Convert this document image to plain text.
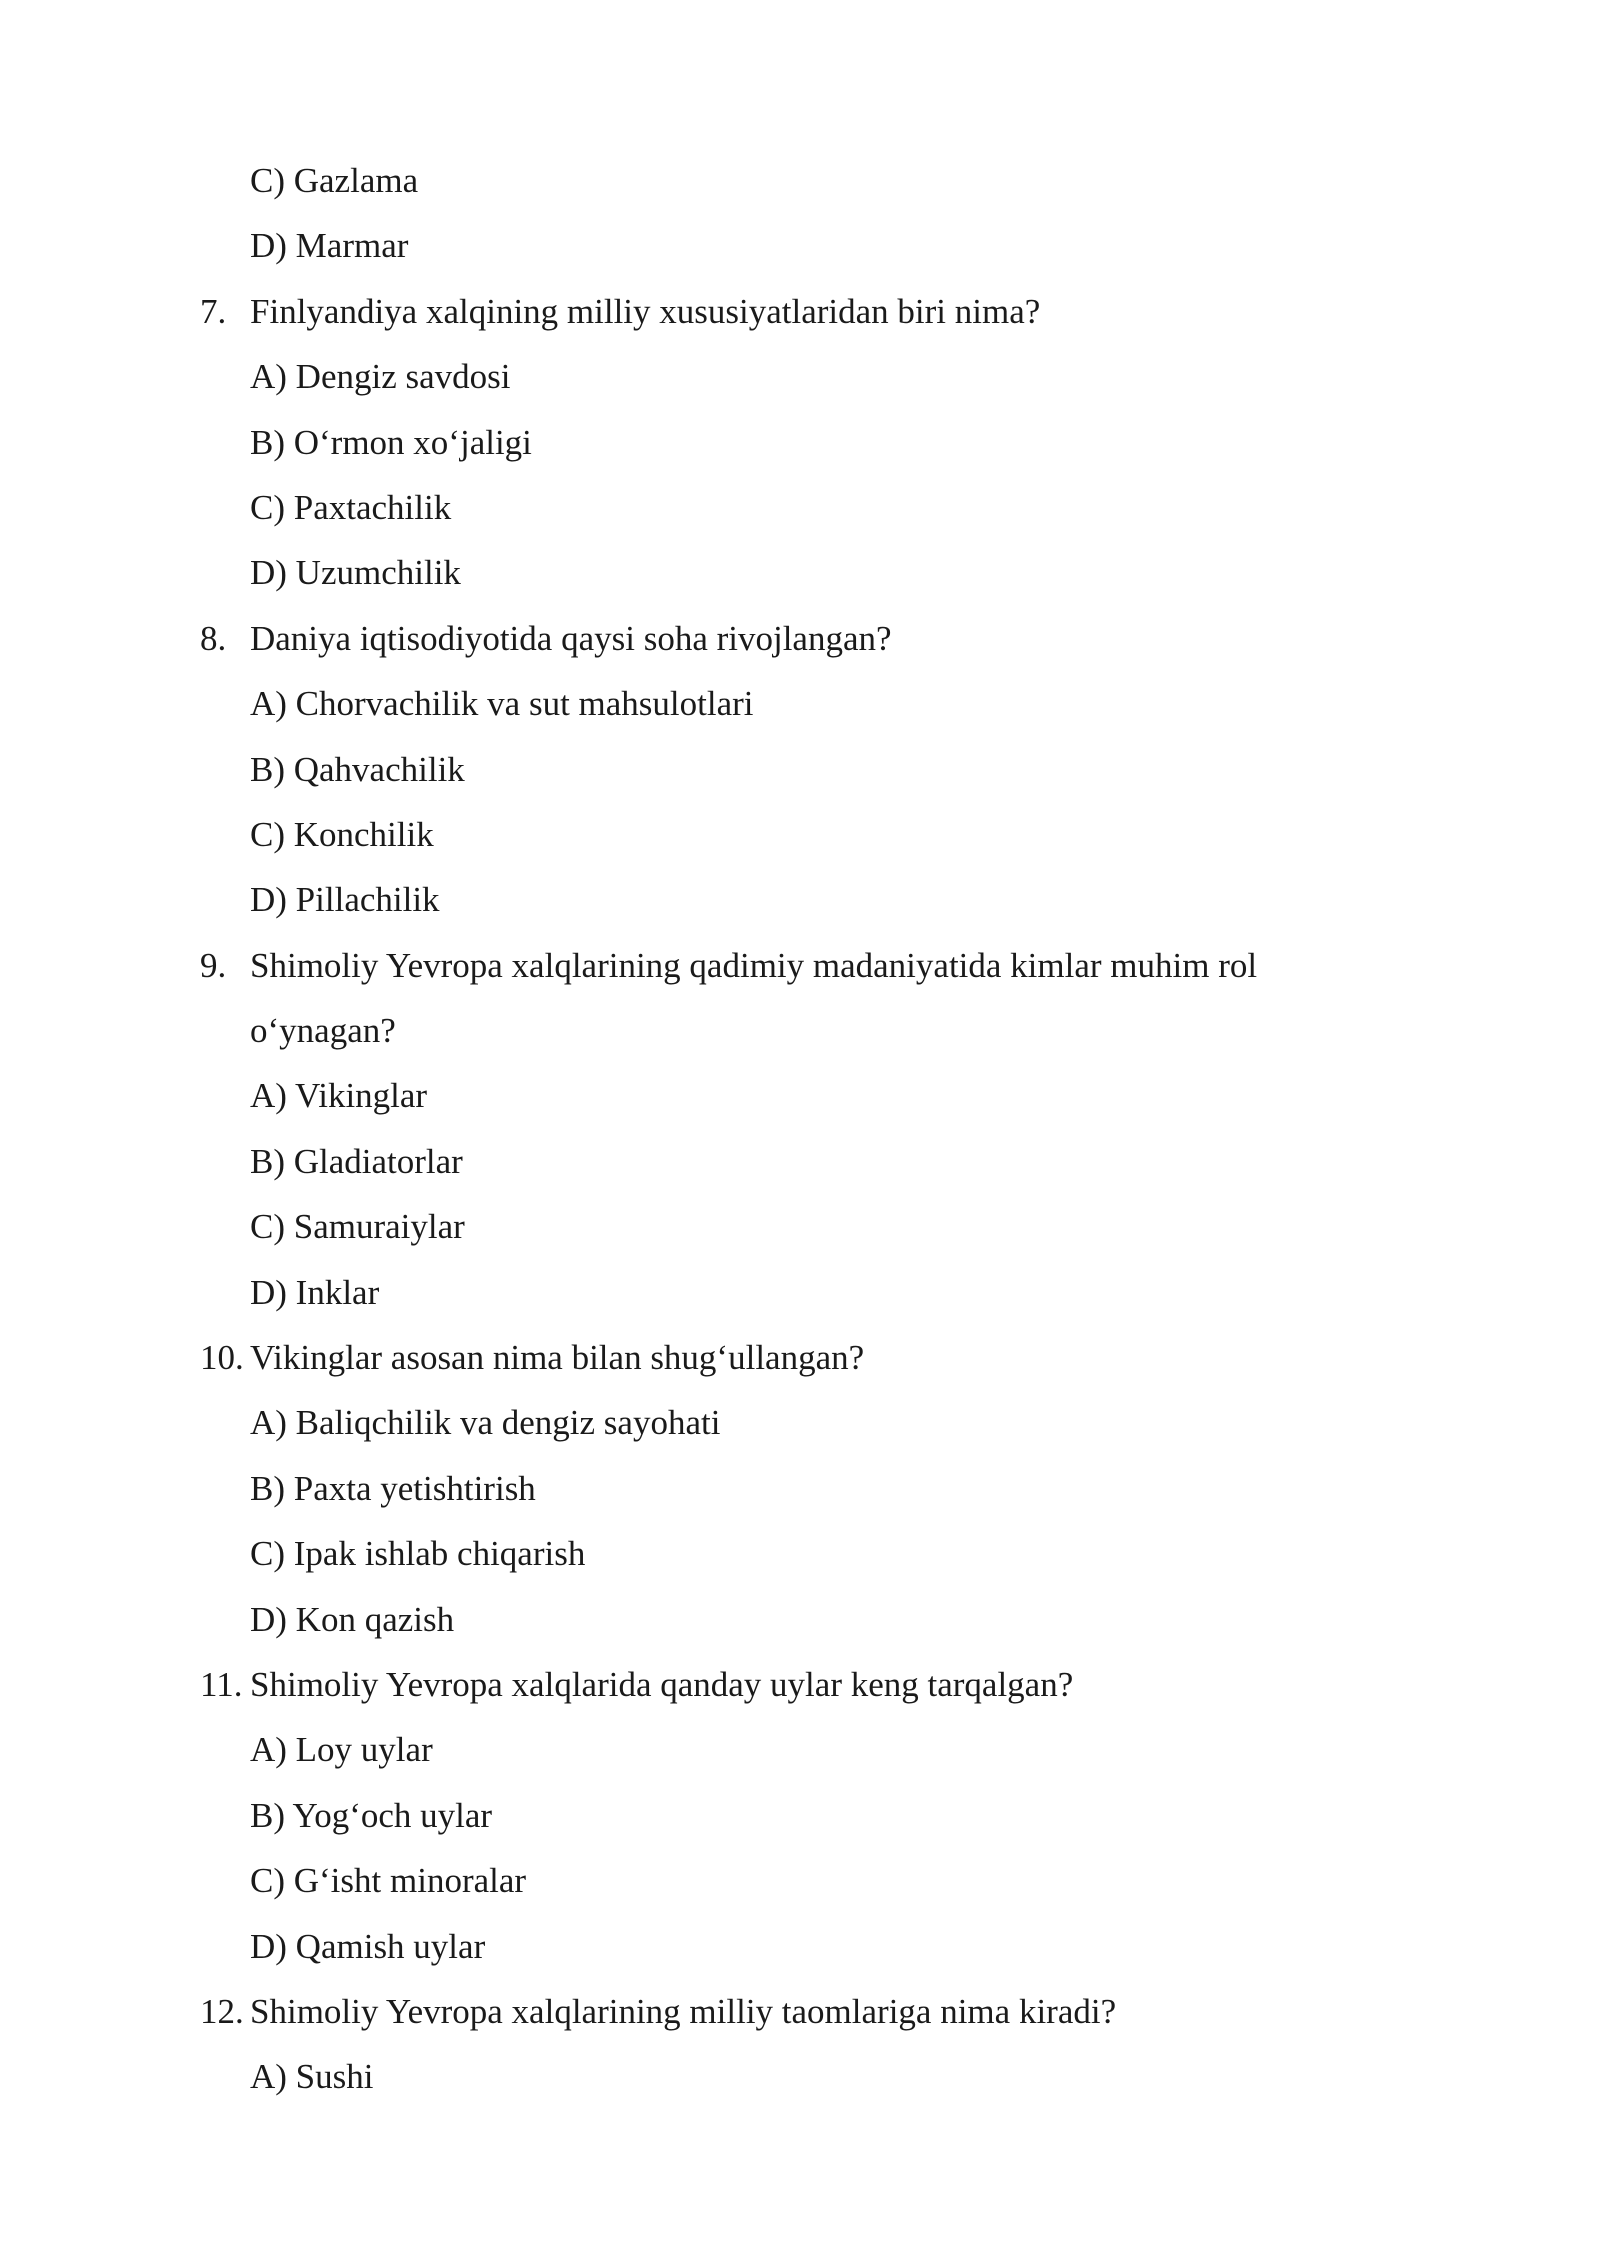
C) Gazlama
D) Marmar
7. Finlyandiya xalqining milliy xususiyatlaridan biri nima?
A) Dengiz savdosi
B) O‘rmon xo‘jaligi
C) Paxtachilik
D) Uzumchilik
8. Daniya iqtisodiyotida qaysi soha rivojlangan?
A) Chorvachilik va sut mahsulotlari
B) Qahvachilik
C) Konchilik
D) Pillachilik
9. Shimoliy Yevropa xalqlarining qadimiy madaniyatida kimlar muhim rol
o‘ynagan?
A) Vikinglar
B) Gladiatorlar
C) Samuraiylar
D) Inklar
10. Vikinglar asosan nima bilan shug‘ullangan?
A) Baliqchilik va dengiz sayohati
B) Paxta yetishtirish
C) Ipak ishlab chiqarish
D) Kon qazish
11. Shimoliy Yevropa xalqlarida qanday uylar keng tarqalgan?
A) Loy uylar
B) Yog‘och uylar
C) G‘isht minoralar
D) Qamish uylar
12. Shimoliy Yevropa xalqlarining milliy taomlariga nima kiradi?
A) Sushi
